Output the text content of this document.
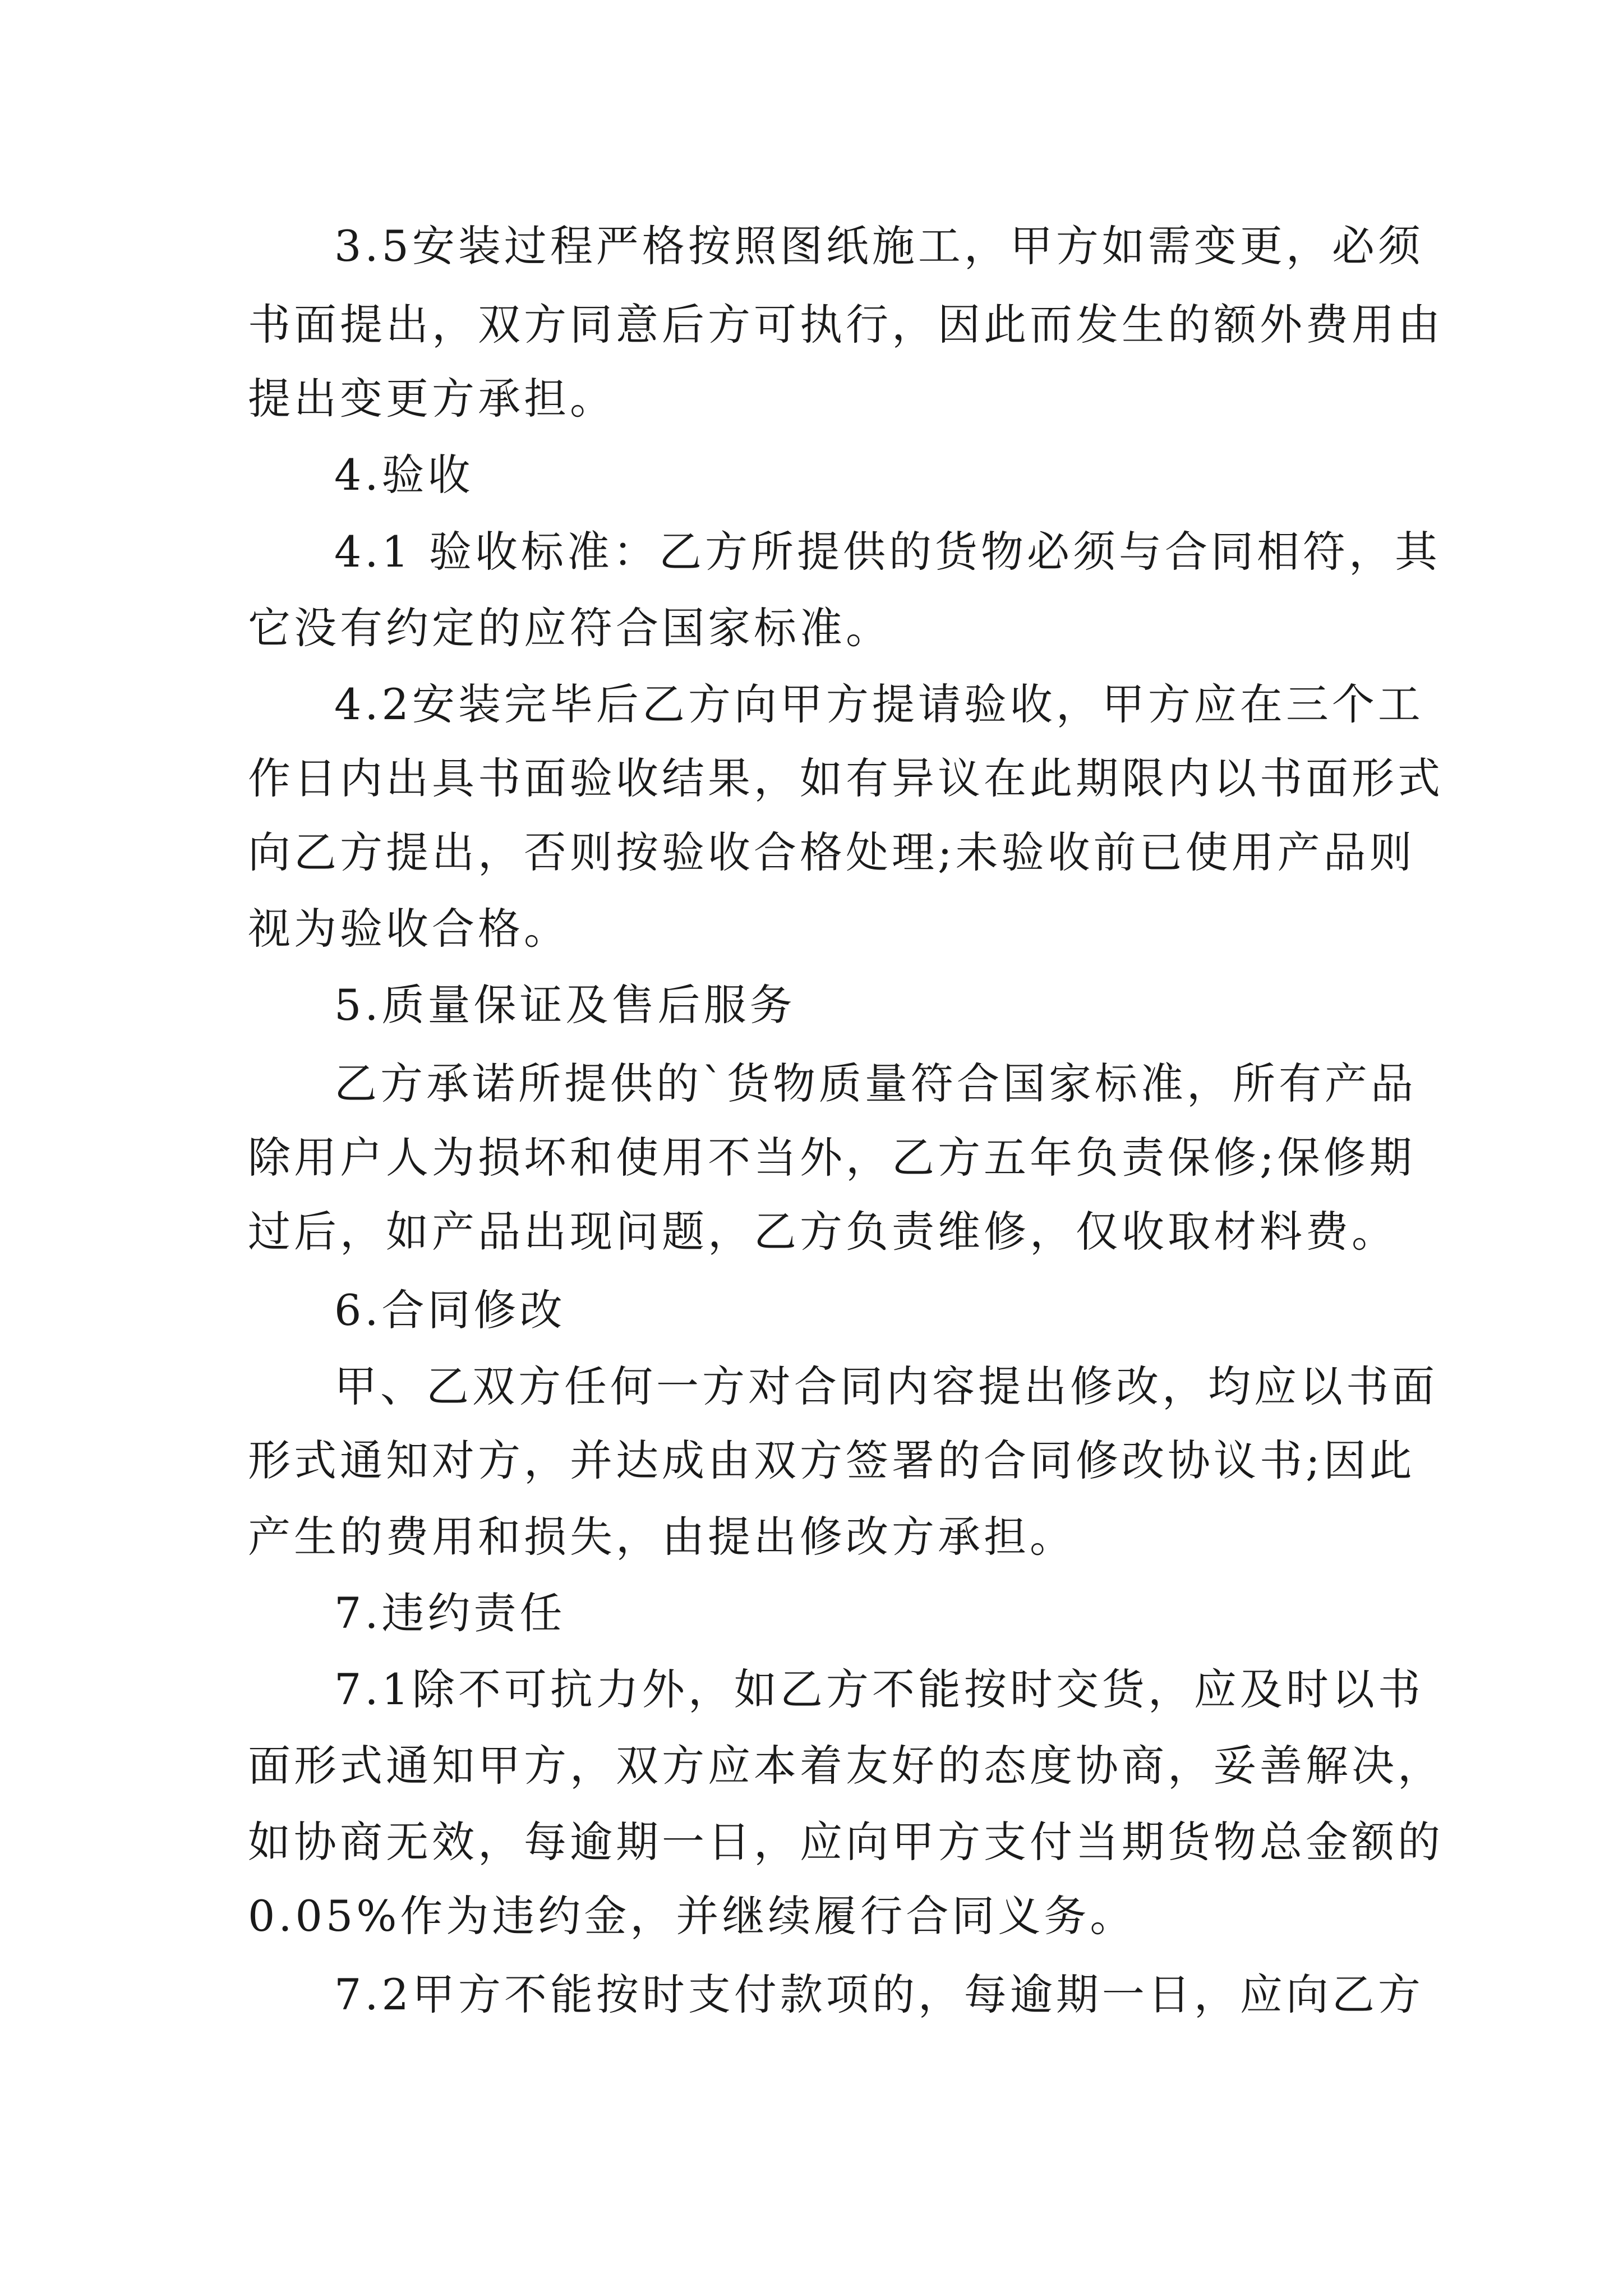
3.5安装过程严格按照图纸施工，甲方如需变更，必须

书面提出，双方同意后方可执行，因此而发生的额外费用由

提出变更方承担。

4.验收

4.1 验收标准：乙方所提供的货物必须与合同相符，其

它没有约定的应符合国家标准。

4.2安装完毕后乙方向甲方提请验收，甲方应在三个工

作日内出具书面验收结果，如有异议在此期限内以书面形式

向乙方提出，否则按验收合格处理;未验收前已使用产品则

视为验收合格。

5.质量保证及售后服务

乙方承诺所提供的`货物质量符合国家标准，所有产品

除用户人为损坏和使用不当外，乙方五年负责保修;保修期

过后，如产品出现问题，乙方负责维修，仅收取材料费。

6.合同修改

甲、乙双方任何一方对合同内容提出修改，均应以书面

形式通知对方，并达成由双方签署的合同修改协议书;因此

产生的费用和损失，由提出修改方承担。

7.违约责任

7.1除不可抗力外，如乙方不能按时交货，应及时以书

面形式通知甲方，双方应本着友好的态度协商，妥善解决，

如协商无效，每逾期一日，应向甲方支付当期货物总金额的

0.05%作为违约金，并继续履行合同义务。

7.2甲方不能按时支付款项的，每逾期一日，应向乙方
